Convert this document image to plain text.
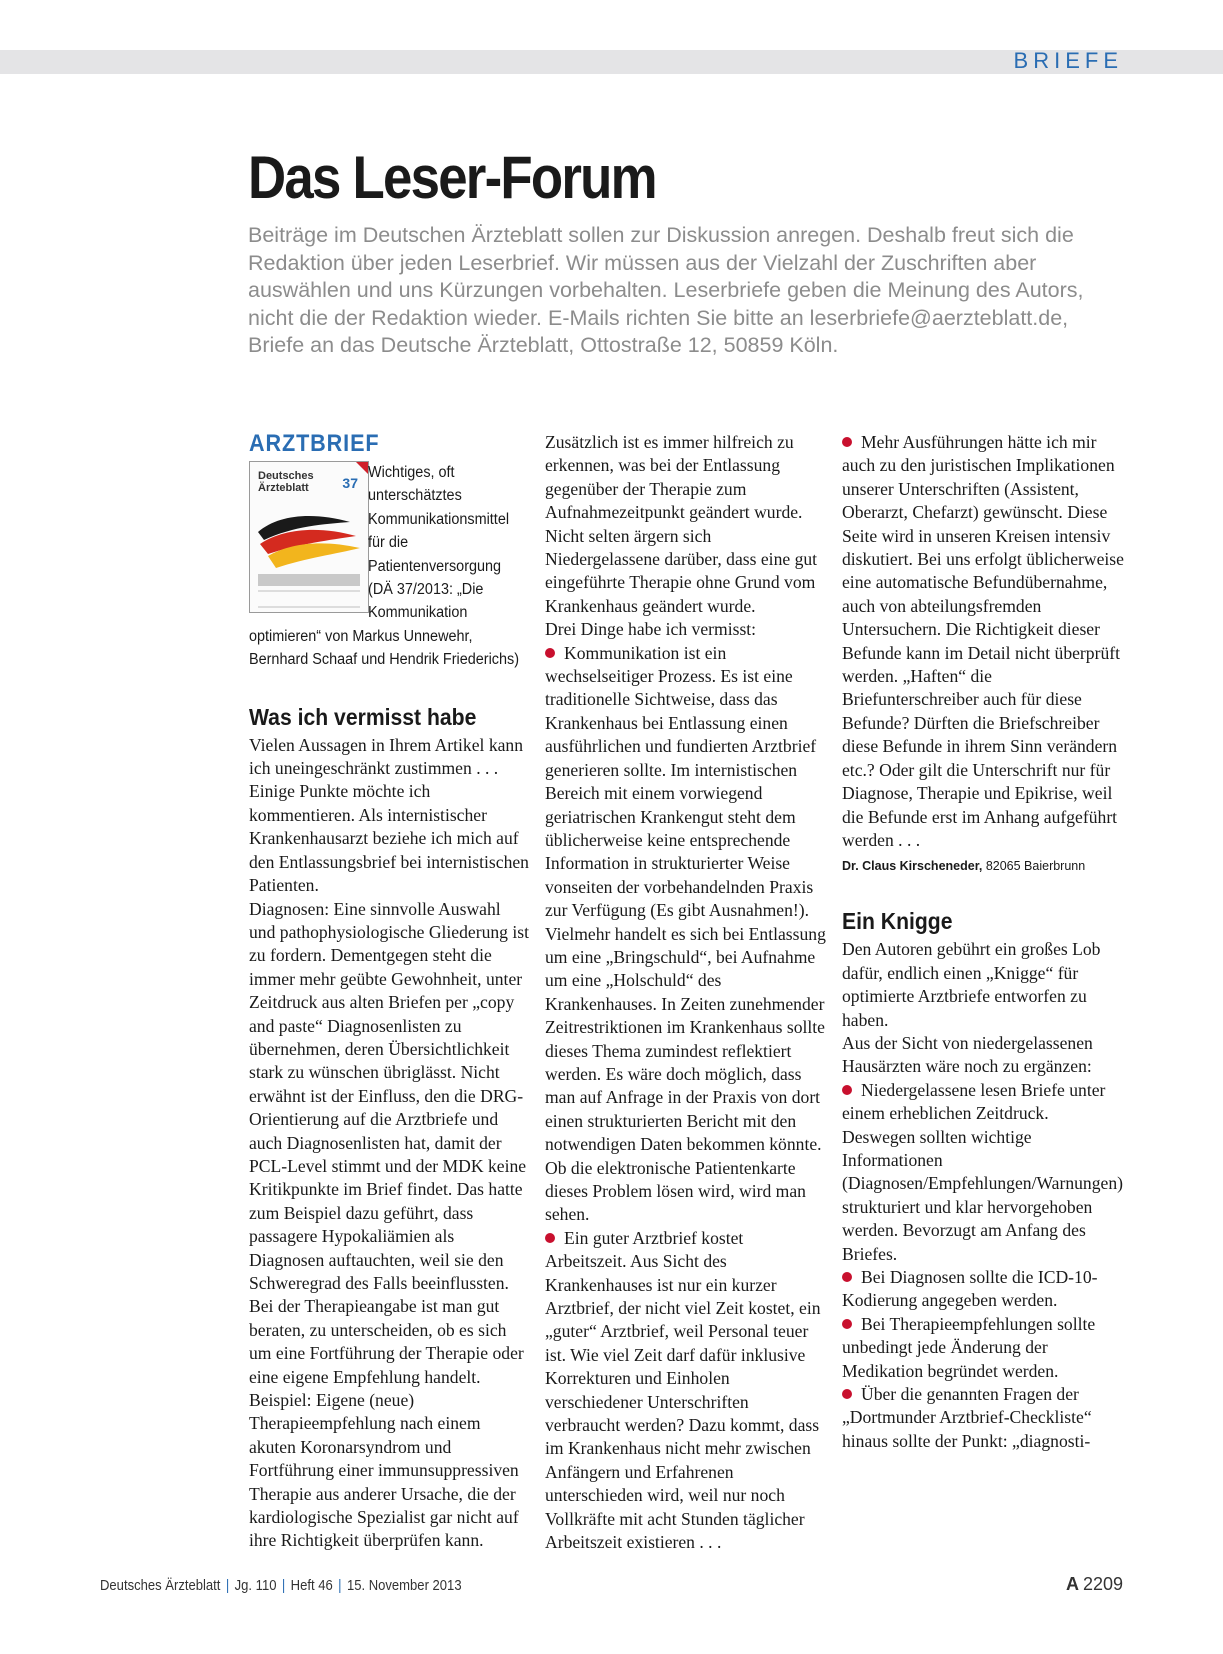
BRIEFE
Das Leser-Forum

Beiträge im Deutschen Ärzteblatt sollen zur Diskussion anregen. Deshalb freut sich die Redaktion über jeden Leserbrief. Wir müssen aus der Vielzahl der Zuschriften aber auswählen und uns Kürzungen vorbehalten. Leserbriefe geben die Meinung des Autors, nicht die der Redaktion wieder. E-Mails richten Sie bitte an leserbriefe@aerzteblatt.de, Briefe an das Deutsche Ärzteblatt, Ottostraße 12, 50859 Köln.

ARZTBRIEF
Deutsches
Ärzteblatt	37

Wichtiges, oft unterschätztes Kommunikationsmittel für die Patientenversorgung (DÄ 37/2013: „Die Kommunikation optimieren“ von Markus Unnewehr, Bernhard Schaaf und Hendrik Friederichs)

Was ich vermisst habe

Vielen Aussagen in Ihrem Artikel kann ich uneingeschränkt zustimmen . . . Einige Punkte möchte ich kommentieren. Als internistischer Krankenhausarzt beziehe ich mich auf den Entlassungsbrief bei internistischen Patienten.

Diagnosen: Eine sinnvolle Auswahl und pathophysiologische Gliederung ist zu fordern. Dementgegen steht die immer mehr geübte Gewohnheit, unter Zeitdruck aus alten Briefen per „copy and paste“ Diagnosenlisten zu übernehmen, deren Übersichtlichkeit stark zu wünschen übriglässt. Nicht erwähnt ist der Einfluss, den die DRG-Orientierung auf die Arztbriefe und auch Diagnosenlisten hat, damit der PCL-Level stimmt und der MDK keine Kritikpunkte im Brief findet. Das hatte zum Beispiel dazu geführt, dass passagere Hypokaliämien als Diagnosen auftauchten, weil sie den Schweregrad des Falls beeinflussten.

Bei der Therapieangabe ist man gut beraten, zu unterscheiden, ob es sich um eine Fortführung der Therapie oder eine eigene Empfehlung handelt. Beispiel: Eigene (neue) Therapieempfehlung nach einem akuten Koronarsyndrom und Fortführung einer immunsuppressiven Therapie aus anderer Ursache, die der kardiologische Spezialist gar nicht auf ihre Richtigkeit überprüfen kann.

Zusätzlich ist es immer hilfreich zu erkennen, was bei der Entlassung gegenüber der Therapie zum Aufnahmezeitpunkt geändert wurde. Nicht selten ärgern sich Niedergelassene darüber, dass eine gut eingeführte Therapie ohne Grund vom Krankenhaus geändert wurde.

Drei Dinge habe ich vermisst:

Kommunikation ist ein wechselseitiger Prozess. Es ist eine traditionelle Sichtweise, dass das Krankenhaus bei Entlassung einen ausführlichen und fundierten Arztbrief generieren sollte. Im internistischen Bereich mit einem vorwiegend geriatrischen Krankengut steht dem üblicherweise keine entsprechende Information in strukturierter Weise vonseiten der vorbehandelnden Praxis zur Verfügung (Es gibt Ausnahmen!). Vielmehr handelt es sich bei Entlassung um eine „Bringschuld“, bei Aufnahme um eine „Holschuld“ des Krankenhauses. In Zeiten zunehmender Zeitrestriktionen im Krankenhaus sollte dieses Thema zumindest reflektiert werden. Es wäre doch möglich, dass man auf Anfrage in der Praxis von dort einen strukturierten Bericht mit den notwendigen Daten bekommen könnte. Ob die elektronische Patientenkarte dieses Problem lösen wird, wird man sehen.

Ein guter Arztbrief kostet Arbeitszeit. Aus Sicht des Krankenhauses ist nur ein kurzer Arztbrief, der nicht viel Zeit kostet, ein „guter“ Arztbrief, weil Personal teuer ist. Wie viel Zeit darf dafür inklusive Korrekturen und Einholen verschiedener Unterschriften verbraucht werden? Dazu kommt, dass im Krankenhaus nicht mehr zwischen Anfängern und Erfahrenen unterschieden wird, weil nur noch Vollkräfte mit acht Stunden täglicher Arbeitszeit existieren . . .

Mehr Ausführungen hätte ich mir auch zu den juristischen Implikationen unserer Unterschriften (Assistent, Oberarzt, Chefarzt) gewünscht. Diese Seite wird in unseren Kreisen intensiv diskutiert. Bei uns erfolgt üblicherweise eine automatische Befundübernahme, auch von abteilungsfremden Untersuchern. Die Richtigkeit dieser Befunde kann im Detail nicht überprüft werden. „Haften“ die Briefunterschreiber auch für diese Befunde? Dürften die Briefschreiber diese Befunde in ihrem Sinn verändern etc.? Oder gilt die Unterschrift nur für Diagnose, Therapie und Epikrise, weil die Befunde erst im Anhang aufgeführt werden . . .

Dr. Claus Kirscheneder, 82065 Baierbrunn

Ein Knigge

Den Autoren gebührt ein großes Lob dafür, endlich einen „Knigge“ für optimierte Arztbriefe entworfen zu haben.

Aus der Sicht von niedergelassenen Hausärzten wäre noch zu ergänzen:

Niedergelassene lesen Briefe unter einem erheblichen Zeitdruck. Deswegen sollten wichtige Informationen (Diagnosen/Empfehlungen/Warnungen) strukturiert und klar hervorgehoben werden. Bevorzugt am Anfang des Briefes.

Bei Diagnosen sollte die ICD-10-Kodierung angegeben werden.

Bei Therapieempfehlungen sollte unbedingt jede Änderung der Medikation begründet werden.

Über die genannten Fragen der „Dortmunder Arztbrief-Checkliste“ hinaus sollte der Punkt: „diagnosti-

Deutsches Ärzteblatt | Jg. 110 | Heft 46 | 15. November 2013	A 2209
